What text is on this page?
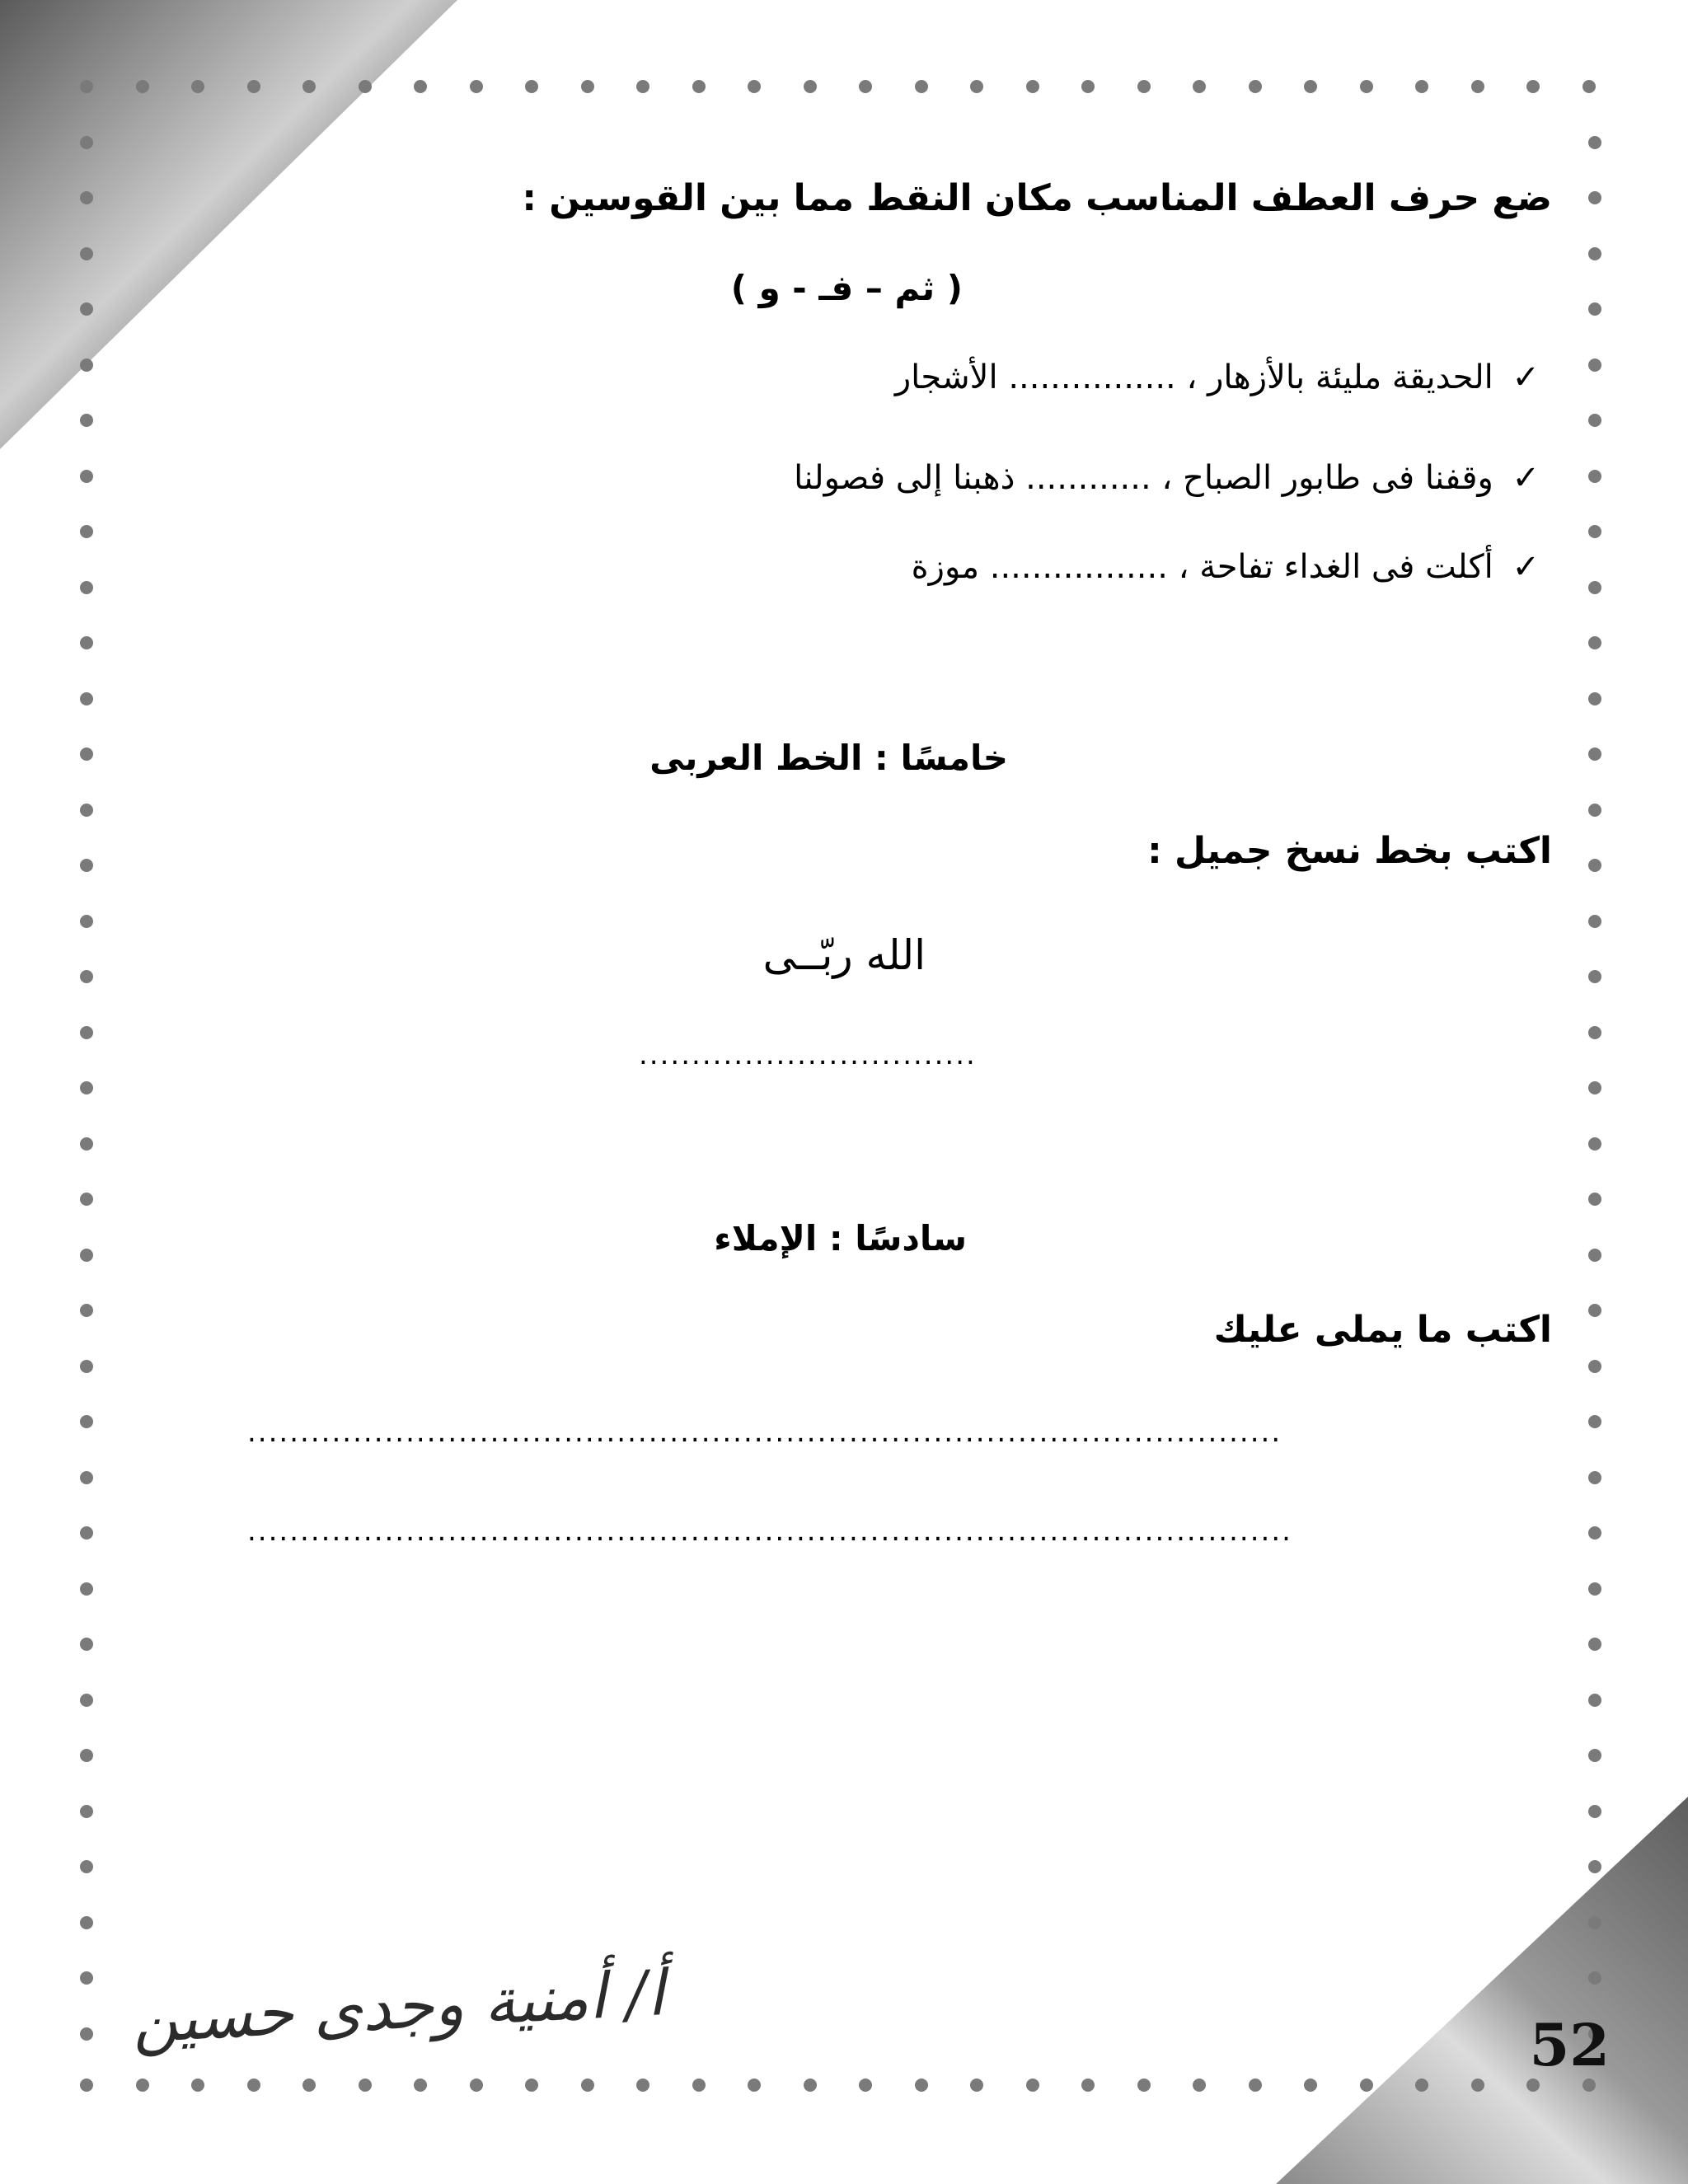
ضع حرف العطف المناسب مكان النقط مما بين القوسين :
( ثم – فـ - و )
✓ الحديقة مليئة بالأزهار ، ................ الأشجار
✓ وقفنا فى طابور الصباح ، ............ ذهبنا إلى فصولنا
✓ أكلت فى الغداء تفاحة ، ................. موزة
خامسًا : الخط العربى
اكتب بخط نسخ جميل :
الله ربّــى
................................
سادسًا : الإملاء
اكتب ما يملى عليك
..................................................................................................
...................................................................................................
أ/ أمنية وجدى حسين	52
